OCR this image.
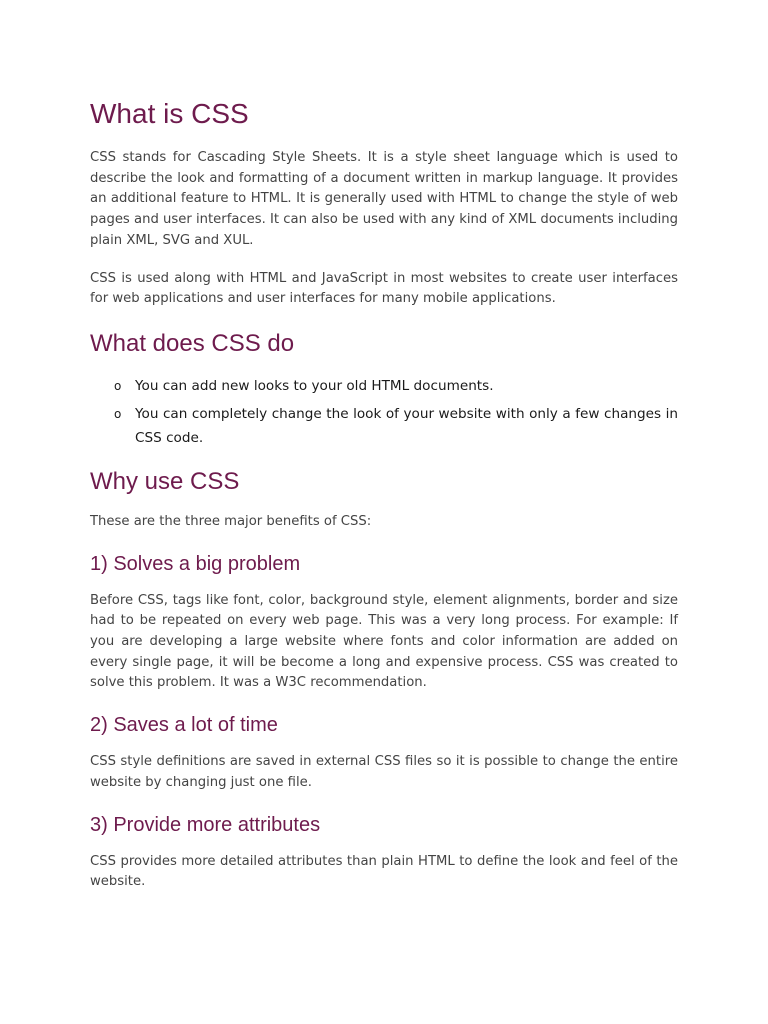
What is CSS

CSS stands for Cascading Style Sheets. It is a style sheet language which is used to describe the look and formatting of a document written in markup language. It provides an additional feature to HTML. It is generally used with HTML to change the style of web pages and user interfaces. It can also be used with any kind of XML documents including plain XML, SVG and XUL.

CSS is used along with HTML and JavaScript in most websites to create user interfaces for web applications and user interfaces for many mobile applications.

What does CSS do
o You can add new looks to your old HTML documents.
o You can completely change the look of your website with only a few changes in CSS code.
Why use CSS

These are the three major benefits of CSS:

1) Solves a big problem

Before CSS, tags like font, color, background style, element alignments, border and size had to be repeated on every web page. This was a very long process. For example: If you are developing a large website where fonts and color information are added on every single page, it will be become a long and expensive process. CSS was created to solve this problem. It was a W3C recommendation.

2) Saves a lot of time

CSS style definitions are saved in external CSS files so it is possible to change the entire website by changing just one file.

3) Provide more attributes

CSS provides more detailed attributes than plain HTML to define the look and feel of the website.
